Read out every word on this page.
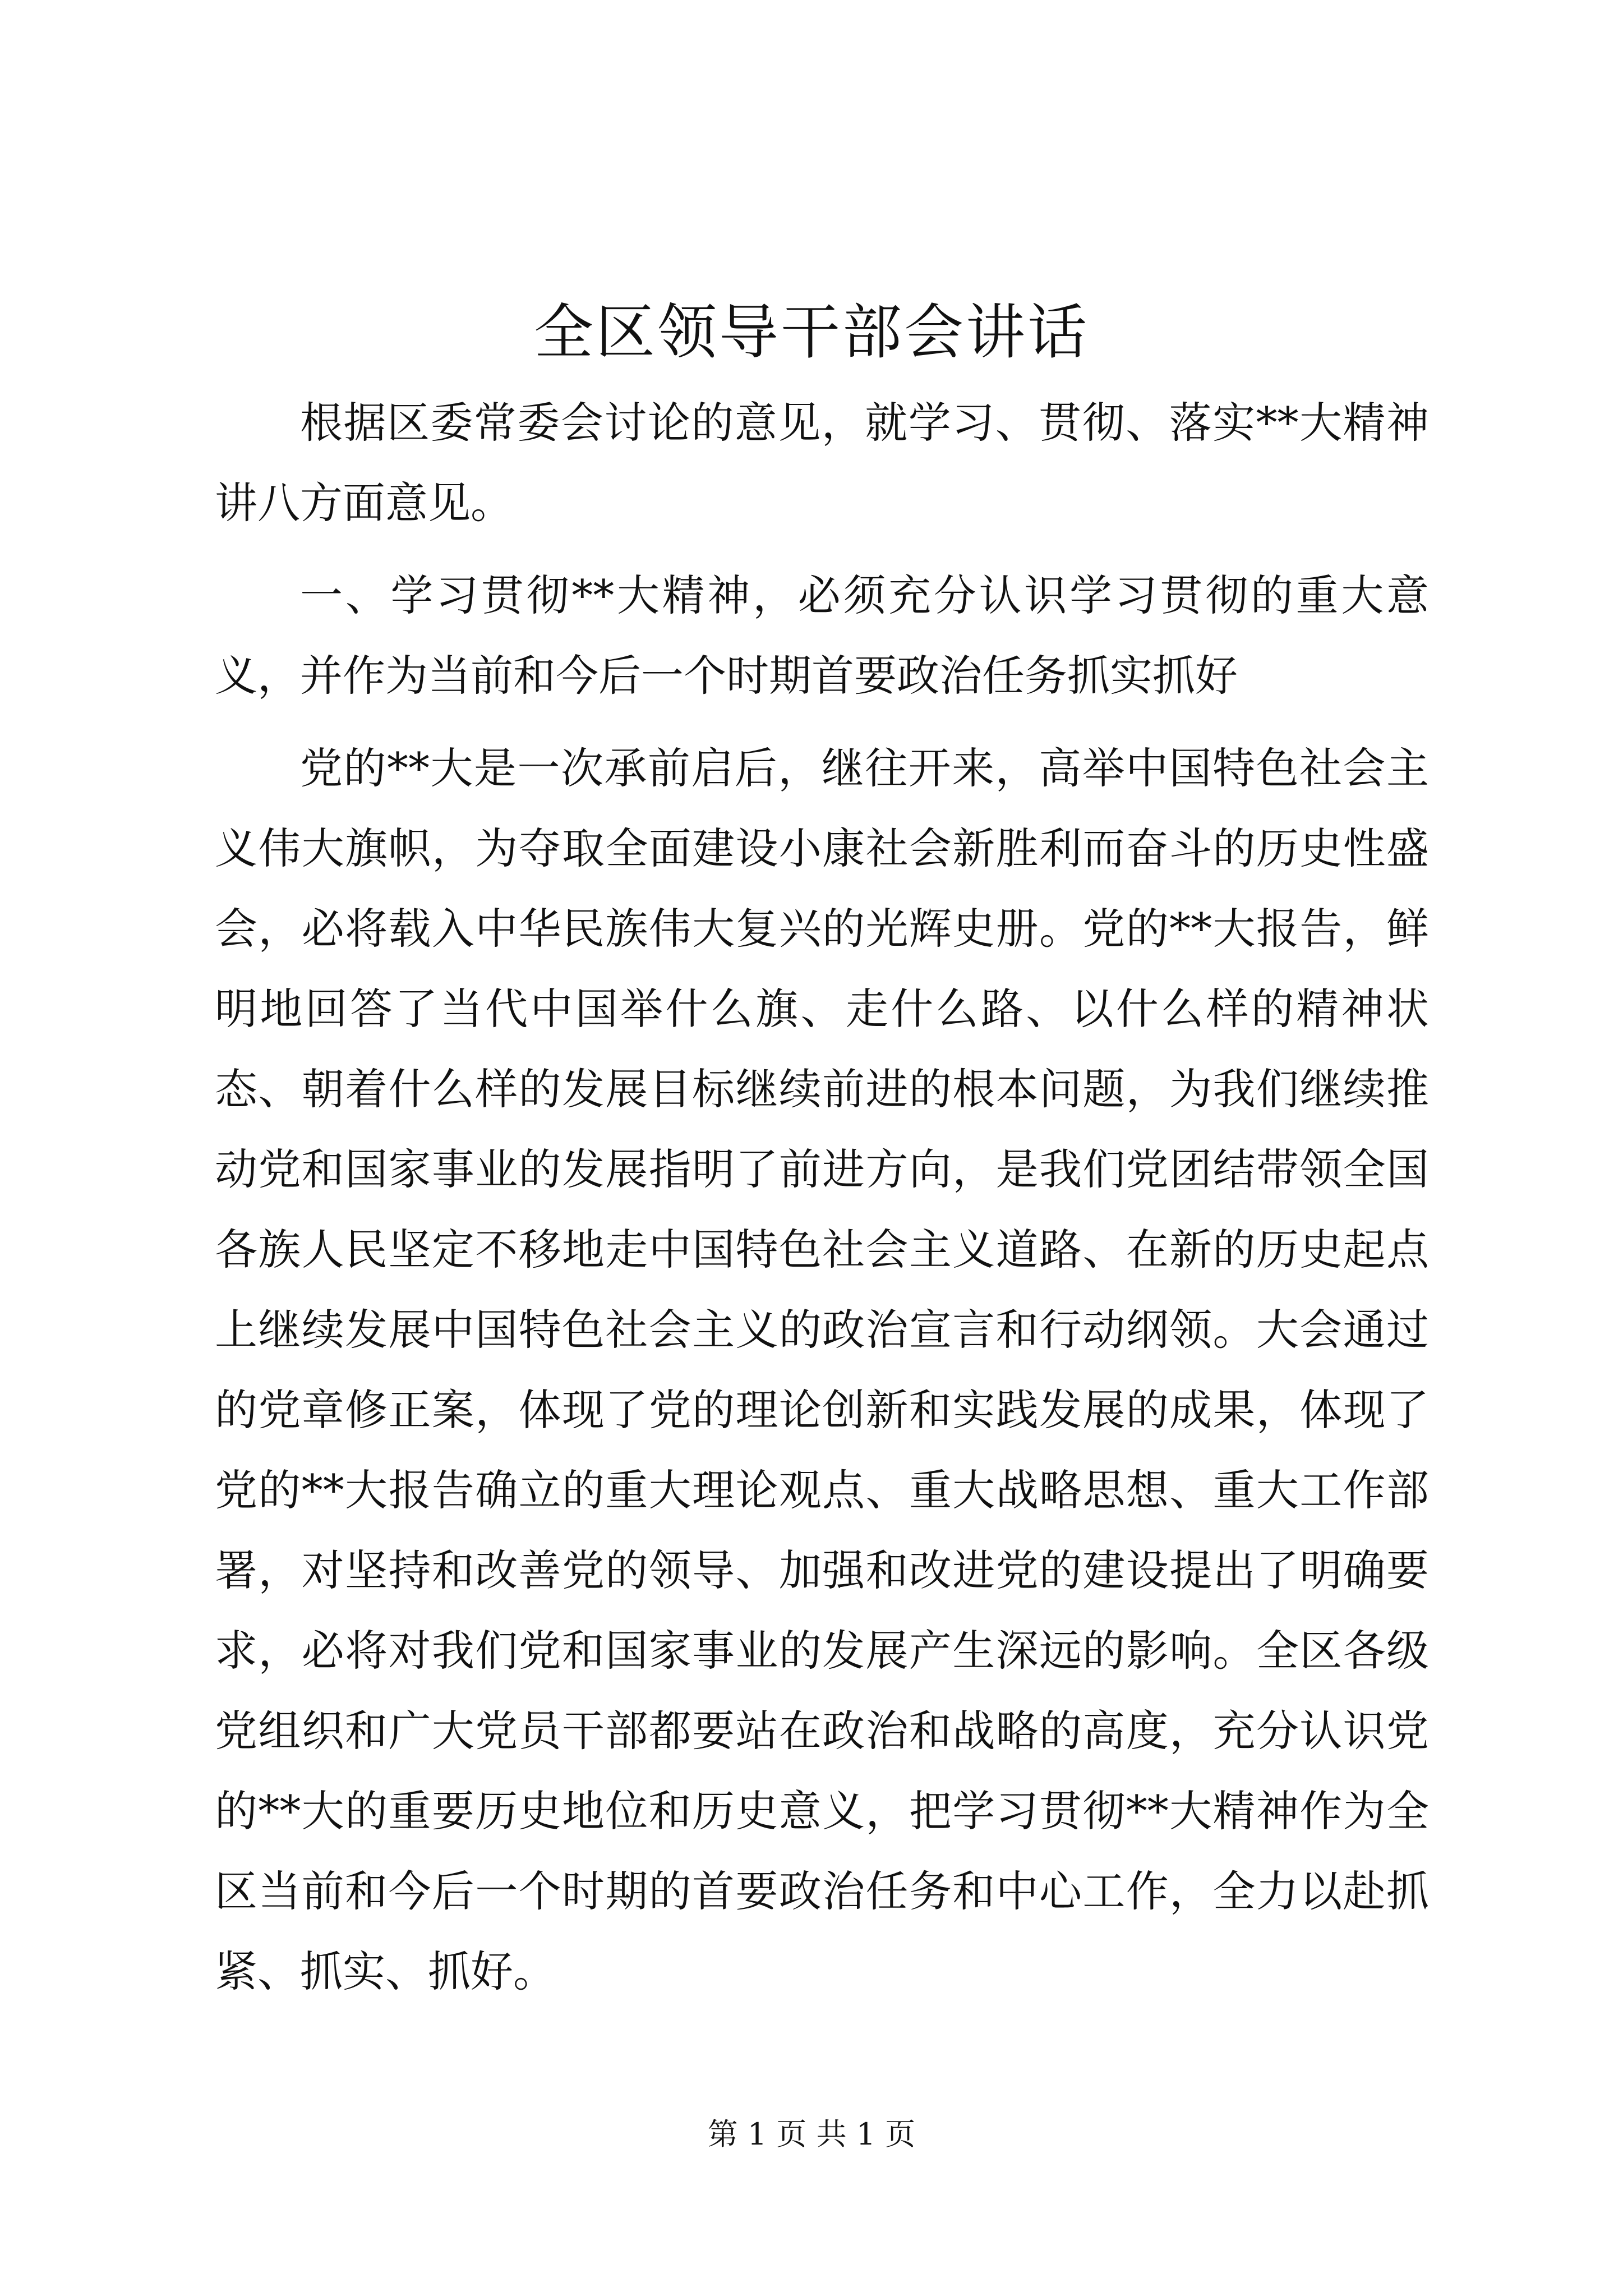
全区领导干部会讲话

根据区委常委会讨论的意见，就学习、贯彻、落实**大精神讲八方面意见。

一、学习贯彻**大精神，必须充分认识学习贯彻的重大意义，并作为当前和今后一个时期首要政治任务抓实抓好

党的**大是一次承前启后，继往开来，高举中国特色社会主义伟大旗帜，为夺取全面建设小康社会新胜利而奋斗的历史性盛会，必将载入中华民族伟大复兴的光辉史册。党的**大报告，鲜明地回答了当代中国举什么旗、走什么路、以什么样的精神状态、朝着什么样的发展目标继续前进的根本问题，为我们继续推动党和国家事业的发展指明了前进方向，是我们党团结带领全国各族人民坚定不移地走中国特色社会主义道路、在新的历史起点上继续发展中国特色社会主义的政治宣言和行动纲领。大会通过的党章修正案，体现了党的理论创新和实践发展的成果，体现了党的**大报告确立的重大理论观点、重大战略思想、重大工作部署，对坚持和改善党的领导、加强和改进党的建设提出了明确要求，必将对我们党和国家事业的发展产生深远的影响。全区各级党组织和广大党员干部都要站在政治和战略的高度，充分认识党的**大的重要历史地位和历史意义，把学习贯彻**大精神作为全区当前和今后一个时期的首要政治任务和中心工作，全力以赴抓紧、抓实、抓好。

第 1 页 共 1 页
